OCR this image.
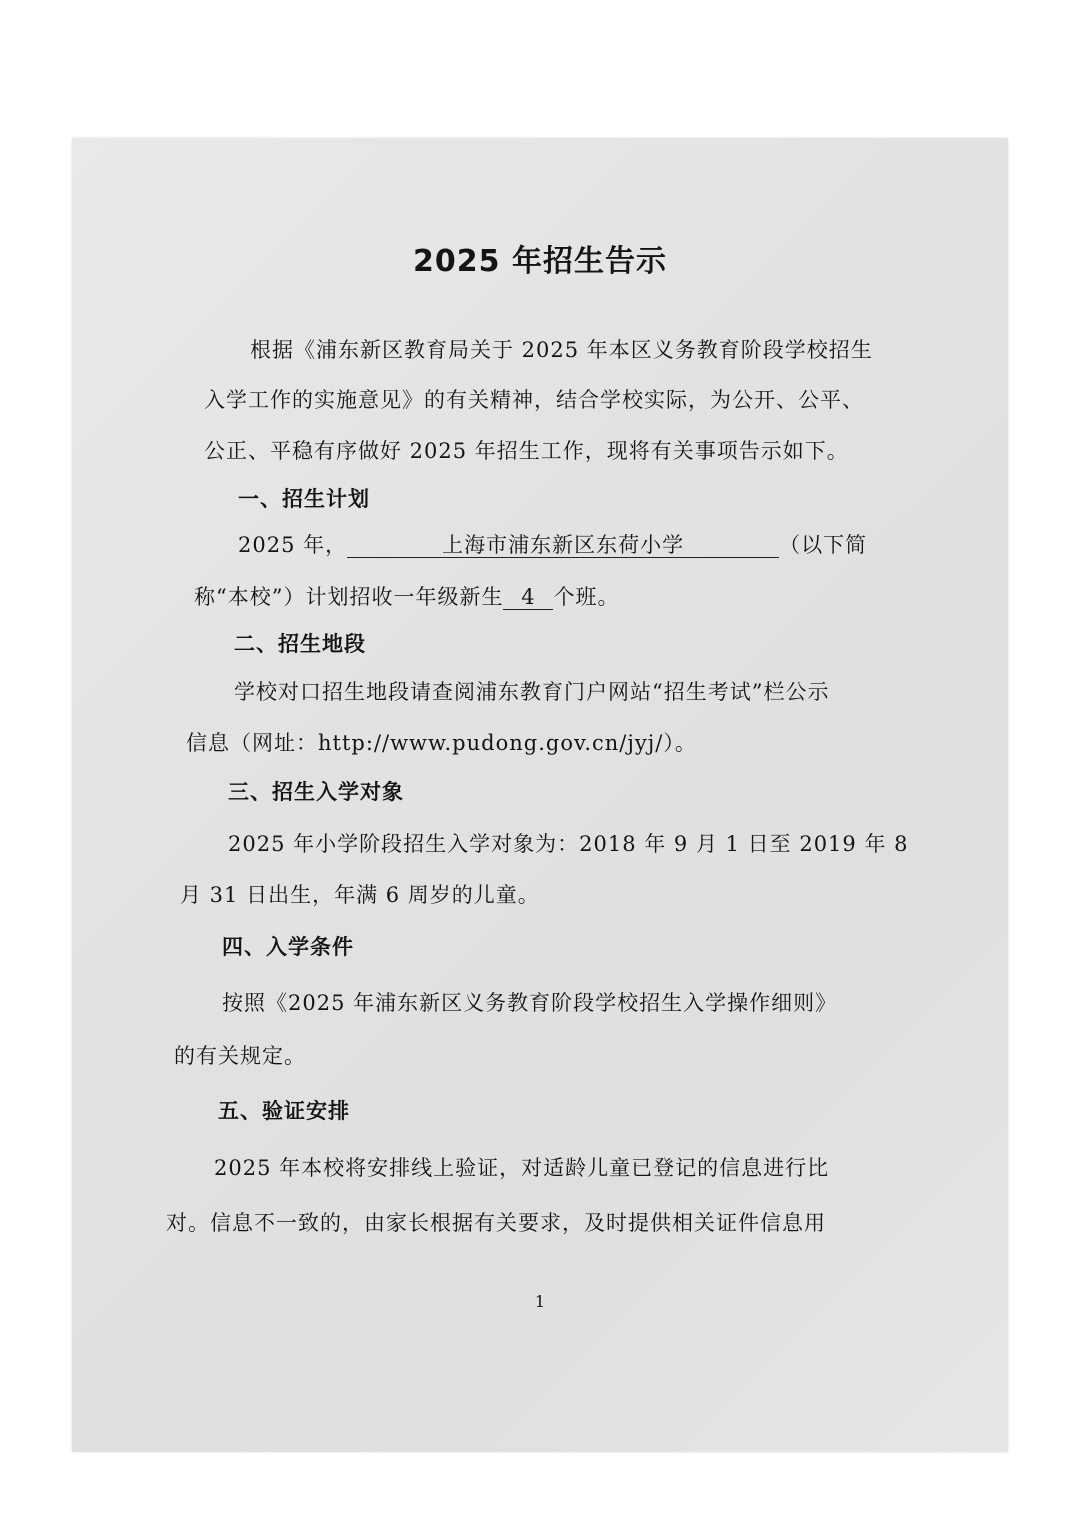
2025 年招生告示
根据《浦东新区教育局关于 2025 年本区义务教育阶段学校招生
入学工作的实施意见》的有关精神，结合学校实际，为公开、公平、
公正、平稳有序做好 2025 年招生工作，现将有关事项告示如下。
一、招生计划
2025 年，	上海市浦东新区东荷小学	（以下简
称“本校”）计划招收一年级新生 4 个班。
二、招生地段
学校对口招生地段请查阅浦东教育门户网站“招生考试”栏公示
信息（网址：http://www.pudong.gov.cn/jyj/）。
三、招生入学对象
2025 年小学阶段招生入学对象为：2018 年 9 月 1 日至 2019 年 8
月 31 日出生，年满 6 周岁的儿童。
四、入学条件
按照《2025 年浦东新区义务教育阶段学校招生入学操作细则》
的有关规定。
五、验证安排
2025 年本校将安排线上验证，对适龄儿童已登记的信息进行比
对。信息不一致的，由家长根据有关要求，及时提供相关证件信息用
1
